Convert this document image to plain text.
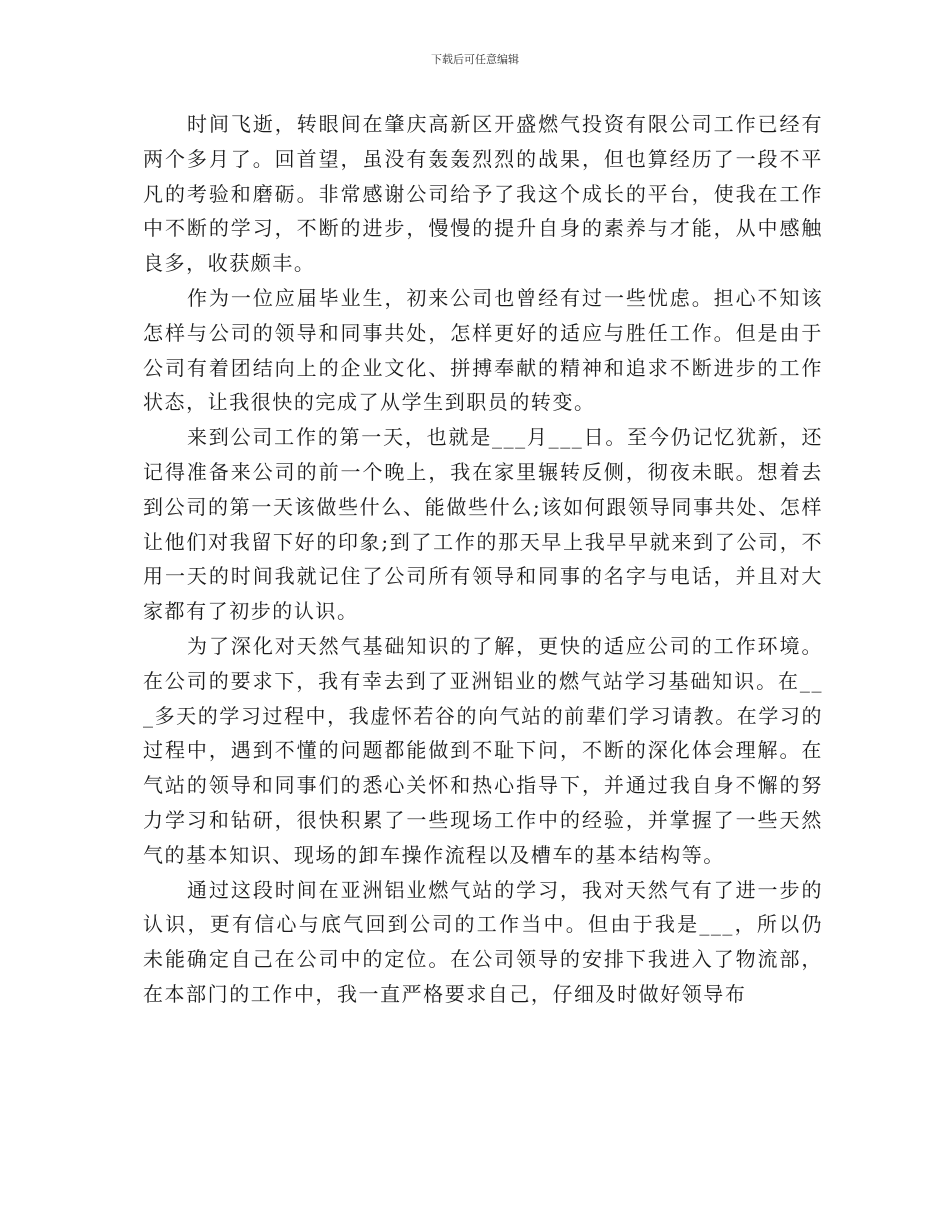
下载后可任意编辑

时间飞逝，转眼间在肇庆高新区开盛燃气投资有限公司工作已经有两个多月了。回首望，虽没有轰轰烈烈的战果，但也算经历了一段不平凡的考验和磨砺。非常感谢公司给予了我这个成长的平台，使我在工作中不断的学习，不断的进步，慢慢的提升自身的素养与才能，从中感触良多，收获颇丰。

作为一位应届毕业生，初来公司也曾经有过一些忧虑。担心不知该怎样与公司的领导和同事共处，怎样更好的适应与胜任工作。但是由于公司有着团结向上的企业文化、拼搏奉献的精神和追求不断进步的工作状态，让我很快的完成了从学生到职员的转变。

来到公司工作的第一天，也就是___月___日。至今仍记忆犹新，还记得准备来公司的前一个晚上，我在家里辗转反侧，彻夜未眠。想着去到公司的第一天该做些什么、能做些什么;该如何跟领导同事共处、怎样让他们对我留下好的印象;到了工作的那天早上我早早就来到了公司，不用一天的时间我就记住了公司所有领导和同事的名字与电话，并且对大家都有了初步的认识。

为了深化对天然气基础知识的了解，更快的适应公司的工作环境。在公司的要求下，我有幸去到了亚洲铝业的燃气站学习基础知识。在___多天的学习过程中，我虚怀若谷的向气站的前辈们学习请教。在学习的过程中，遇到不懂的问题都能做到不耻下问，不断的深化体会理解。在气站的领导和同事们的悉心关怀和热心指导下，并通过我自身不懈的努力学习和钻研，很快积累了一些现场工作中的经验，并掌握了一些天然气的基本知识、现场的卸车操作流程以及槽车的基本结构等。

通过这段时间在亚洲铝业燃气站的学习，我对天然气有了进一步的认识，更有信心与底气回到公司的工作当中。但由于我是___，所以仍未能确定自己在公司中的定位。在公司领导的安排下我进入了物流部，在本部门的工作中，我一直严格要求自己，仔细及时做好领导布
